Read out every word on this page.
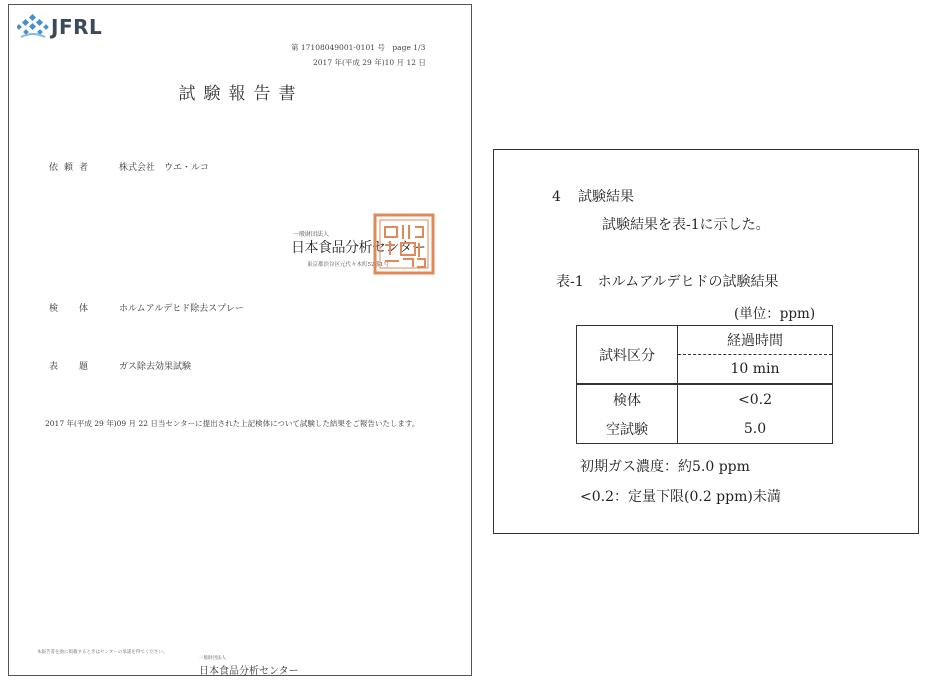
JFRL
第 17108049001-0101 号　page 1/3
2017 年(平成 29 年)10 月 12 日
試験報告書
依頼者	株式会社　ウエ・ルコ
一般財団法人
日本食品分析センター
東京都渋谷区元代々木町52番1号
検　体	ホルムアルデヒド除去スプレー
表　題	ガス除去効果試験
2017 年(平成 29 年)09 月 22 日当センターに提出された上記検体について試験した結果をご報告いたします。
本報告書を他に掲載するときはセンターの承諾を得てください。
一般財団法人
日本食品分析センター
4 試験結果
試験結果を表-1に示した。
表-1　ホルムアルデヒドの試験結果
(単位：ppm)
試料区分	経過時間
	10 min
検体	<0.2
空試験	5.0
初期ガス濃度：約5.0 ppm
<0.2：定量下限(0.2 ppm)未満
